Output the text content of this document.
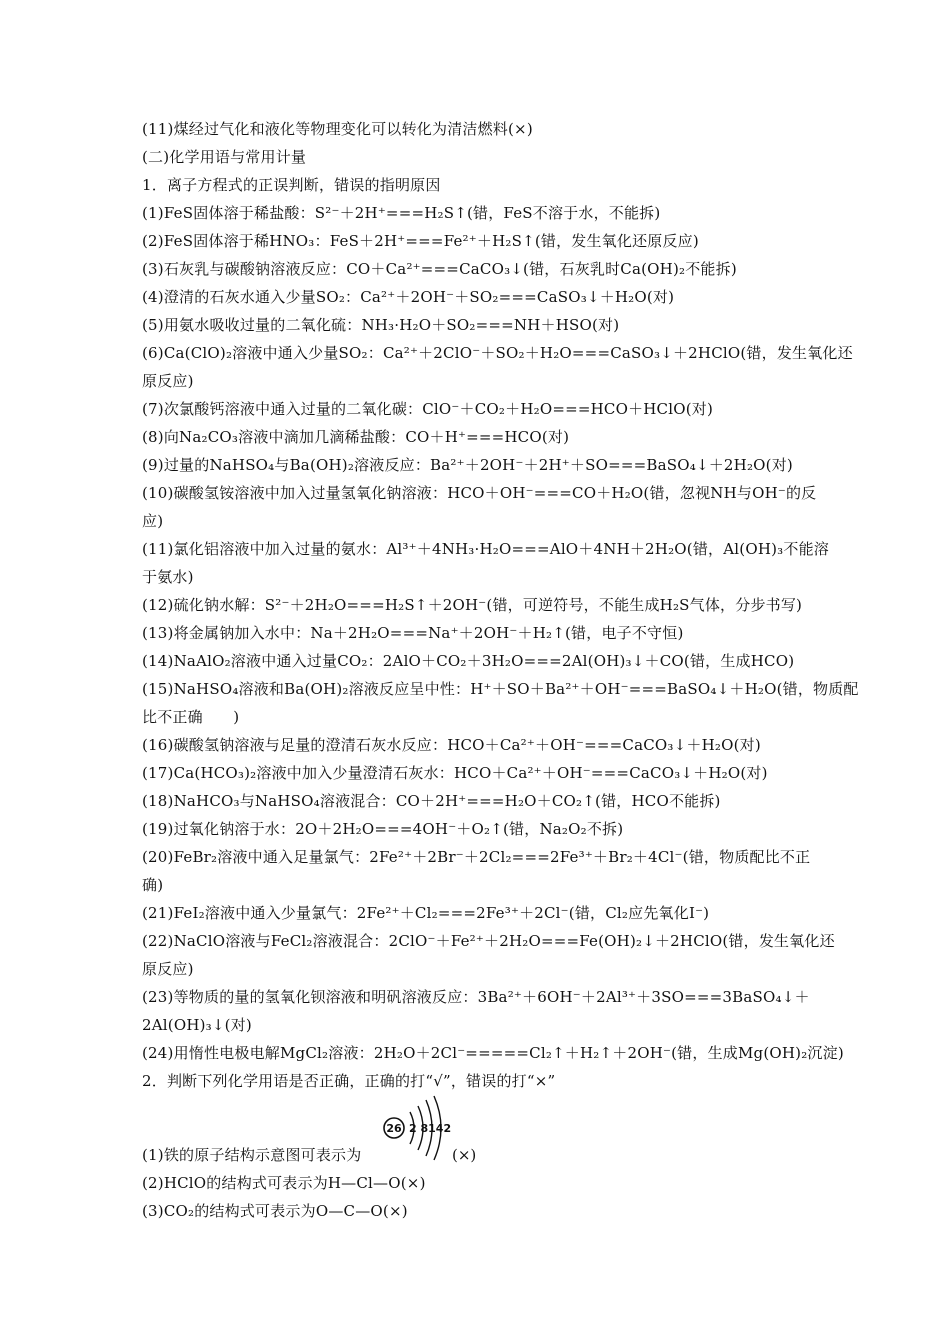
(11)煤经过气化和液化等物理变化可以转化为清洁燃料(×)
(二)化学用语与常用计量
1．离子方程式的正误判断，错误的指明原因
(1)FeS固体溶于稀盐酸：S²⁻＋2H⁺===H₂S↑(错，FeS不溶于水，不能拆)
(2)FeS固体溶于稀HNO₃：FeS＋2H⁺===Fe²⁺＋H₂S↑(错，发生氧化还原反应)
(3)石灰乳与碳酸钠溶液反应：CO＋Ca²⁺===CaCO₃↓(错，石灰乳时Ca(OH)₂不能拆)
(4)澄清的石灰水通入少量SO₂：Ca²⁺＋2OH⁻＋SO₂===CaSO₃↓＋H₂O(对)
(5)用氨水吸收过量的二氧化硫：NH₃·H₂O＋SO₂===NH＋HSO(对)
(6)Ca(ClO)₂溶液中通入少量SO₂：Ca²⁺＋2ClO⁻＋SO₂＋H₂O===CaSO₃↓＋2HClO(错，发生氧化还
原反应)
(7)次氯酸钙溶液中通入过量的二氧化碳：ClO⁻＋CO₂＋H₂O===HCO＋HClO(对)
(8)向Na₂CO₃溶液中滴加几滴稀盐酸：CO＋H⁺===HCO(对)
(9)过量的NaHSO₄与Ba(OH)₂溶液反应：Ba²⁺＋2OH⁻＋2H⁺＋SO===BaSO₄↓＋2H₂O(对)
(10)碳酸氢铵溶液中加入过量氢氧化钠溶液：HCO＋OH⁻===CO＋H₂O(错，忽视NH与OH⁻的反
应)
(11)氯化铝溶液中加入过量的氨水：Al³⁺＋4NH₃·H₂O===AlO＋4NH＋2H₂O(错，Al(OH)₃不能溶
于氨水)
(12)硫化钠水解：S²⁻＋2H₂O===H₂S↑＋2OH⁻(错，可逆符号，不能生成H₂S气体，分步书写)
(13)将金属钠加入水中：Na＋2H₂O===Na⁺＋2OH⁻＋H₂↑(错，电子不守恒)
(14)NaAlO₂溶液中通入过量CO₂：2AlO＋CO₂＋3H₂O===2Al(OH)₃↓＋CO(错，生成HCO)
(15)NaHSO₄溶液和Ba(OH)₂溶液反应呈中性：H⁺＋SO＋Ba²⁺＋OH⁻===BaSO₄↓＋H₂O(错，物质配
比不正确　　)
(16)碳酸氢钠溶液与足量的澄清石灰水反应：HCO＋Ca²⁺＋OH⁻===CaCO₃↓＋H₂O(对)
(17)Ca(HCO₃)₂溶液中加入少量澄清石灰水：HCO＋Ca²⁺＋OH⁻===CaCO₃↓＋H₂O(对)
(18)NaHCO₃与NaHSO₄溶液混合：CO＋2H⁺===H₂O＋CO₂↑(错，HCO不能拆)
(19)过氧化钠溶于水：2O＋2H₂O===4OH⁻＋O₂↑(错，Na₂O₂不拆)
(20)FeBr₂溶液中通入足量氯气：2Fe²⁺＋2Br⁻＋2Cl₂===2Fe³⁺＋Br₂＋4Cl⁻(错，物质配比不正
确)
(21)FeI₂溶液中通入少量氯气：2Fe²⁺＋Cl₂===2Fe³⁺＋2Cl⁻(错，Cl₂应先氧化I⁻)
(22)NaClO溶液与FeCl₂溶液混合：2ClO⁻＋Fe²⁺＋2H₂O===Fe(OH)₂↓＋2HClO(错，发生氧化还
原反应)
(23)等物质的量的氢氧化钡溶液和明矾溶液反应：3Ba²⁺＋6OH⁻＋2Al³⁺＋3SO===3BaSO₄↓＋
2Al(OH)₃↓(对)
(24)用惰性电极电解MgCl₂溶液：2H₂O＋2Cl⁻=====Cl₂↑＋H₂↑＋2OH⁻(错，生成Mg(OH)₂沉淀)
2．判断下列化学用语是否正确，正确的打“√”，错误的打“×”
(1)铁的原子结构示意图可表示为
26 2 8142
(×)
(2)HClO的结构式可表示为H—Cl—O(×)
(3)CO₂的结构式可表示为O—C—O(×)
